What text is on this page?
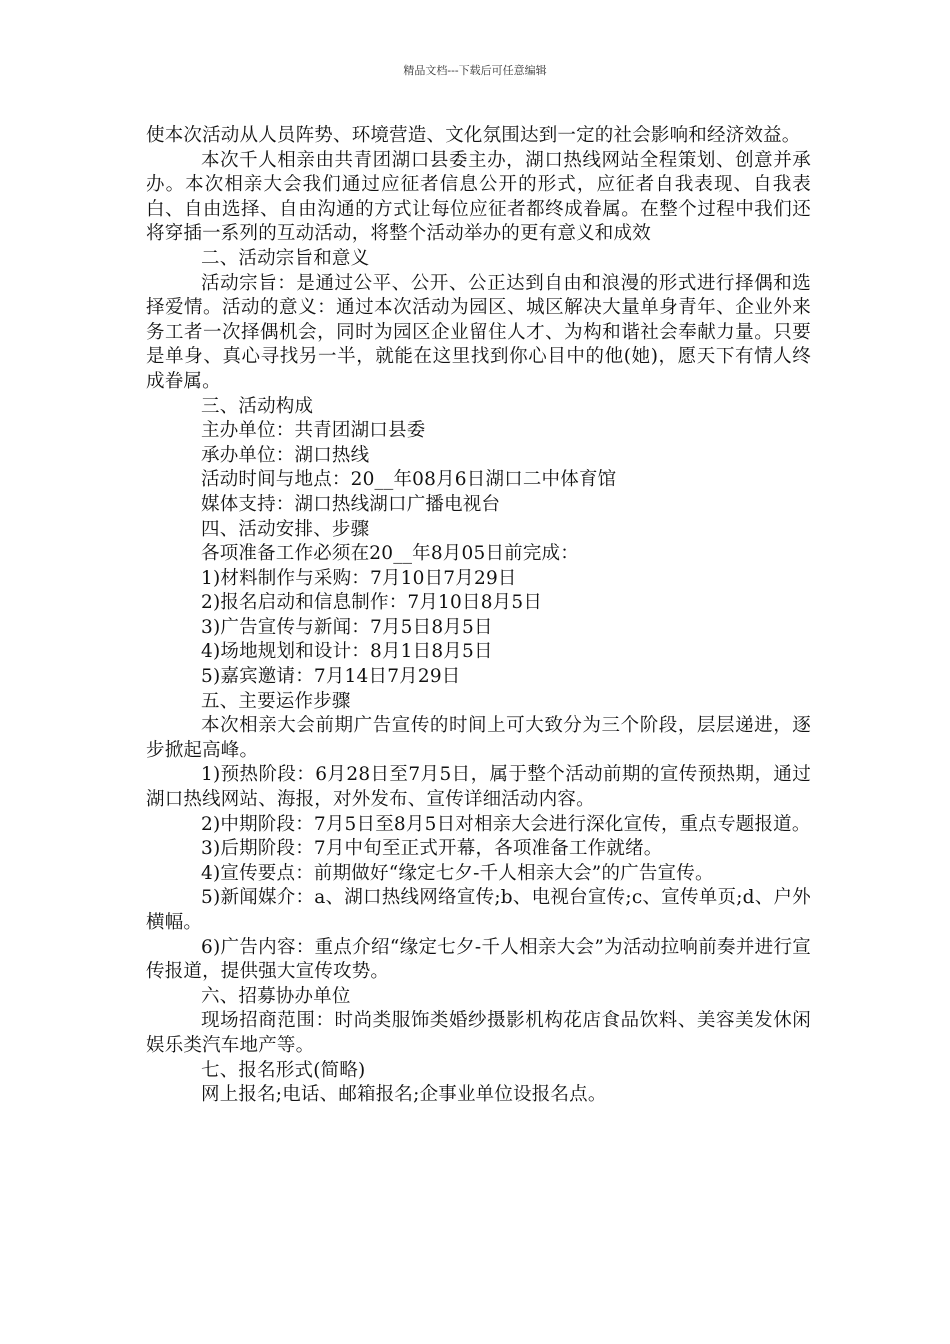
精品文档---下载后可任意编辑

使本次活动从人员阵势、环境营造、文化氛围达到一定的社会影响和经济效益。

本次千人相亲由共青团湖口县委主办，湖口热线网站全程策划、创意并承办。本次相亲大会我们通过应征者信息公开的形式，应征者自我表现、自我表白、自由选择、自由沟通的方式让每位应征者都终成眷属。在整个过程中我们还将穿插一系列的互动活动，将整个活动举办的更有意义和成效

二、活动宗旨和意义

活动宗旨：是通过公平、公开、公正达到自由和浪漫的形式进行择偶和选择爱情。活动的意义：通过本次活动为园区、城区解决大量单身青年、企业外来务工者一次择偶机会，同时为园区企业留住人才、为构和谐社会奉献力量。只要是单身、真心寻找另一半，就能在这里找到你心目中的他(她)，愿天下有情人终成眷属。

三、活动构成

主办单位：共青团湖口县委

承办单位：湖口热线

活动时间与地点：20__年08月6日湖口二中体育馆

媒体支持：湖口热线湖口广播电视台

四、活动安排、步骤

各项准备工作必须在20__年8月05日前完成：

1)材料制作与采购：7月10日7月29日

2)报名启动和信息制作：7月10日8月5日

3)广告宣传与新闻：7月5日8月5日

4)场地规划和设计：8月1日8月5日

5)嘉宾邀请：7月14日7月29日

五、主要运作步骤

本次相亲大会前期广告宣传的时间上可大致分为三个阶段，层层递进，逐步掀起高峰。

1)预热阶段：6月28日至7月5日，属于整个活动前期的宣传预热期，通过湖口热线网站、海报，对外发布、宣传详细活动内容。

2)中期阶段：7月5日至8月5日对相亲大会进行深化宣传，重点专题报道。

3)后期阶段：7月中旬至正式开幕，各项准备工作就绪。

4)宣传要点：前期做好“缘定七夕-千人相亲大会”的广告宣传。

5)新闻媒介：a、湖口热线网络宣传;b、电视台宣传;c、宣传单页;d、户外横幅。

6)广告内容：重点介绍“缘定七夕-千人相亲大会”为活动拉响前奏并进行宣传报道，提供强大宣传攻势。

六、招募协办单位

现场招商范围：时尚类服饰类婚纱摄影机构花店食品饮料、美容美发休闲娱乐类汽车地产等。

七、报名形式(简略)

网上报名;电话、邮箱报名;企事业单位设报名点。
